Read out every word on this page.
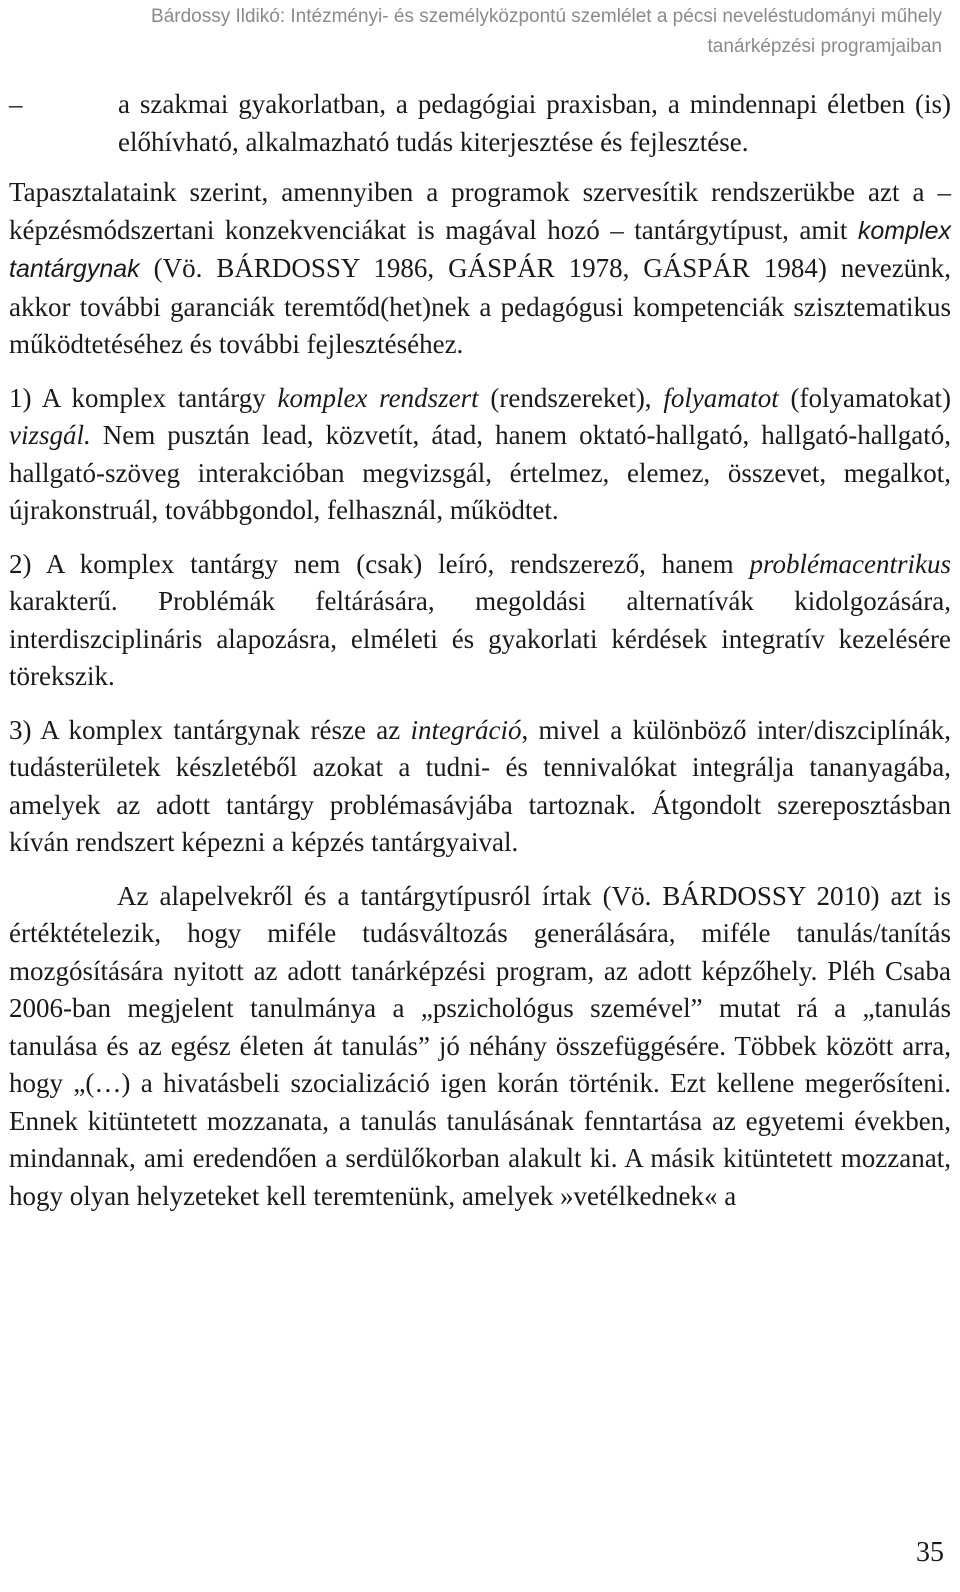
Bárdossy Ildikó: Intézményi- és személyközpontú szemlélet a pécsi neveléstudományi műhely
tanárképzési programjaiban

–	a szakmai gyakorlatban, a pedagógiai praxisban, a mindennapi életben (is) előhívható, alkalmazható tudás kiterjesztése és fejlesztése.

Tapasztalataink szerint, amennyiben a programok szervesítik rendszerükbe azt a – képzésmódszertani konzekvenciákat is magával hozó – tantárgytípust, amit komplex tantárgynak (Vö. BÁRDOSSY 1986, GÁSPÁR 1978, GÁSPÁR 1984) nevezünk, akkor további garanciák teremtőd(het)nek a pedagógusi kompetenciák szisztematikus működtetéséhez és további fejlesztéséhez.

1) A komplex tantárgy komplex rendszert (rendszereket), folyamatot (folyamatokat) vizsgál. Nem pusztán lead, közvetít, átad, hanem oktató-hallgató, hallgató-hallgató, hallgató-szöveg interakcióban megvizsgál, értelmez, elemez, összevet, megalkot, újrakonstruál, továbbgondol, felhasznál, működtet.

2) A komplex tantárgy nem (csak) leíró, rendszerező, hanem problémacentrikus karakterű. Problémák feltárására, megoldási alternatívák kidolgozására, interdiszciplináris alapozásra, elméleti és gyakorlati kérdések integratív kezelésére törekszik.

3) A komplex tantárgynak része az integráció, mivel a különböző inter/diszciplínák, tudásterületek készletéből azokat a tudni- és tennivalókat integrálja tananyagába, amelyek az adott tantárgy problémasávjába tartoznak. Átgondolt szereposztásban kíván rendszert képezni a képzés tantárgyaival.

Az alapelvekről és a tantárgytípusról írtak (Vö. BÁRDOSSY 2010) azt is értéktételezik, hogy miféle tudásváltozás generálására, miféle tanulás/tanítás mozgósítására nyitott az adott tanárképzési program, az adott képzőhely. Pléh Csaba 2006-ban megjelent tanulmánya a „pszichológus szemével” mutat rá a „tanulás tanulása és az egész életen át tanulás” jó néhány összefüggésére. Többek között arra, hogy „(…) a hivatásbeli szocializáció igen korán történik. Ezt kellene megerősíteni. Ennek kitüntetett mozzanata, a tanulás tanulásának fenntartása az egyetemi években, mindannak, ami eredendően a serdülőkorban alakult ki. A másik kitüntetett mozzanat, hogy olyan helyzeteket kell teremtenünk, amelyek »vetélkednek« a

35
